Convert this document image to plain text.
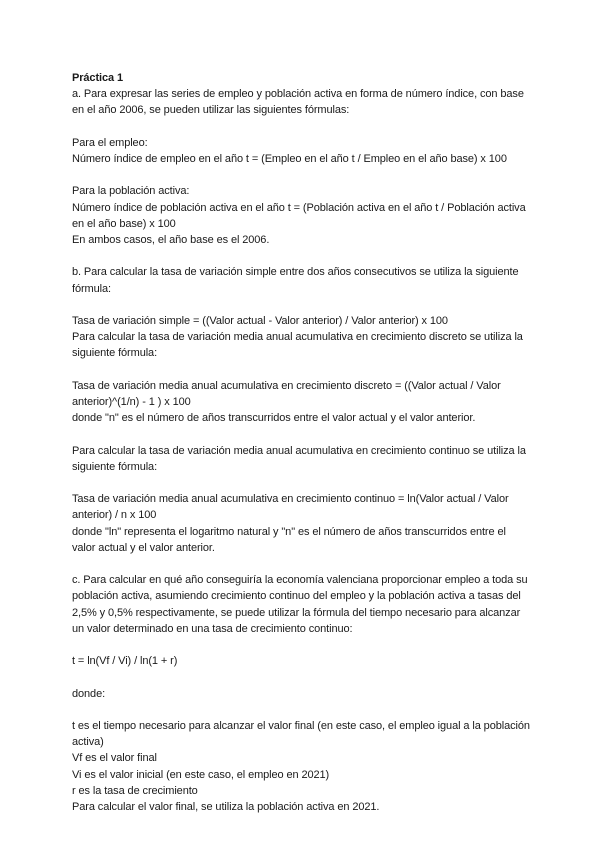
Práctica 1

a. Para expresar las series de empleo y población activa en forma de número índice, con base en el año 2006, se pueden utilizar las siguientes fórmulas:

Para el empleo:

Número índice de empleo en el año t = (Empleo en el año t / Empleo en el año base) x 100

Para la población activa:

Número índice de población activa en el año t = (Población activa en el año t / Población activa en el año base) x 100

En ambos casos, el año base es el 2006.

b. Para calcular la tasa de variación simple entre dos años consecutivos se utiliza la siguiente fórmula:

Tasa de variación simple = ((Valor actual - Valor anterior) / Valor anterior) x 100

Para calcular la tasa de variación media anual acumulativa en crecimiento discreto se utiliza la siguiente fórmula:

Tasa de variación media anual acumulativa en crecimiento discreto = ((Valor actual / Valor anterior)^(1/n) - 1 ) x 100

donde "n" es el número de años transcurridos entre el valor actual y el valor anterior.

Para calcular la tasa de variación media anual acumulativa en crecimiento continuo se utiliza la siguiente fórmula:

Tasa de variación media anual acumulativa en crecimiento continuo = ln(Valor actual / Valor anterior) / n x 100

donde "ln" representa el logaritmo natural y "n" es el número de años transcurridos entre el valor actual y el valor anterior.

c. Para calcular en qué año conseguiría la economía valenciana proporcionar empleo a toda su población activa, asumiendo crecimiento continuo del empleo y la población activa a tasas del 2,5% y 0,5% respectivamente, se puede utilizar la fórmula del tiempo necesario para alcanzar un valor determinado en una tasa de crecimiento continuo:

t = ln(Vf / Vi) / ln(1 + r)

donde:

t es el tiempo necesario para alcanzar el valor final (en este caso, el empleo igual a la población activa)

Vf es el valor final

Vi es el valor inicial (en este caso, el empleo en 2021)

r es la tasa de crecimiento

Para calcular el valor final, se utiliza la población activa en 2021.
